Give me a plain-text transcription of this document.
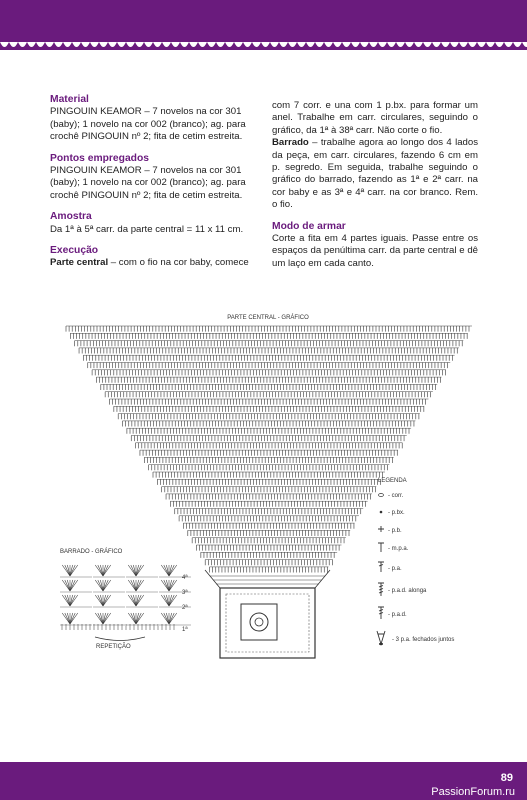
Material

PINGOUIN KEAMOR – 7 novelos na cor 301 (baby); 1 novelo na cor 002 (branco); ag. para crochê PINGOUIN nº 2; fita de cetim estreita.

Pontos empregados

PINGOUIN KEAMOR – 7 novelos na cor 301 (baby); 1 novelo na cor 002 (branco); ag. para crochê PINGOUIN nº 2; fita de cetim estreita.

Amostra

Da 1ª à 5ª carr. da parte central = 11 x 11 cm.

Execução

Parte central – com o fio na cor baby, comece

com 7 corr. e una com 1 p.bx. para formar um anel. Trabalhe em carr. circulares, seguindo o gráfico, da 1ª à 38ª carr. Não corte o fio.

Barrado – trabalhe agora ao longo dos 4 lados da peça, em carr. circulares, fazendo 6 cm em p. segredo. Em seguida, trabalhe seguindo o gráfico do barrado, fazendo as 1ª e 2ª carr. na cor baby e as 3ª e 4ª carr. na cor branco. Rem. o fio.

Modo de armar

Corte a fita em 4 partes iguais. Passe entre os espaços da penúltima carr. da parte central e dê um laço em cada canto.

PARTE CENTRAL - GRÁFICO
BARRADO - GRÁFICO
4ª
3ª
2ª
1ª
REPETIÇÃO
LEGENDA
- corr.
- p.bx.
- p.b.
- m.p.a.
- p.a.
- p.a.d. alonga
- p.a.d.
- 3 p.a. fechados juntos
89
PassionForum.ru
